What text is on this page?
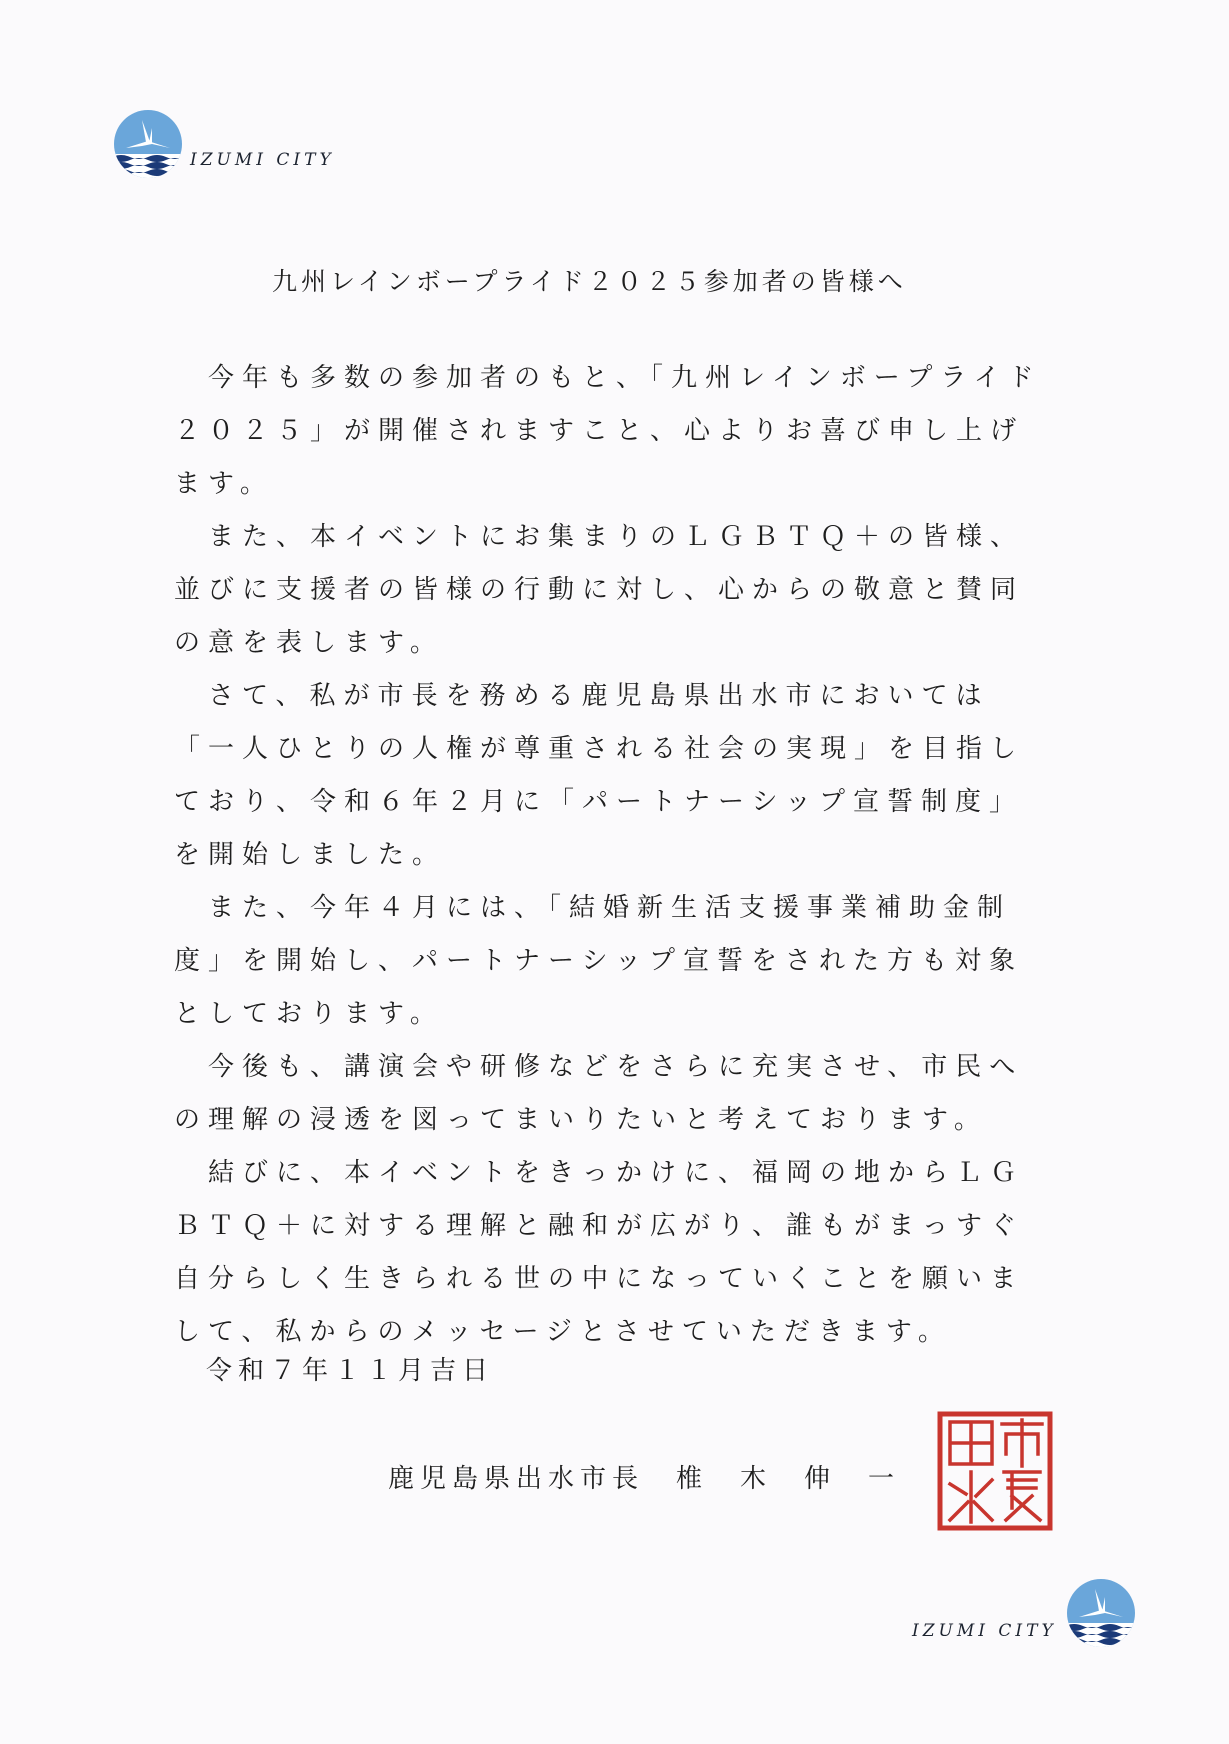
IZUMI CITY
九州レインボープライド２０２５参加者の皆様へ

今年も多数の参加者のもと、「九州レインボープライド２０２５」が開催されますこと、心よりお喜び申し上げます。

また、本イベントにお集まりのＬＧＢＴＱ＋の皆様、並びに支援者の皆様の行動に対し、心からの敬意と賛同の意を表します。

さて、私が市長を務める鹿児島県出水市においては「一人ひとりの人権が尊重される社会の実現」を目指しており、令和６年２月に「パートナーシップ宣誓制度」を開始しました。

また、今年４月には、「結婚新生活支援事業補助金制度」を開始し、パートナーシップ宣誓をされた方も対象としております。

今後も、講演会や研修などをさらに充実させ、市民への理解の浸透を図ってまいりたいと考えております。

結びに、本イベントをきっかけに、福岡の地からＬＧＢＴＱ＋に対する理解と融和が広がり、誰もがまっすぐ自分らしく生きられる世の中になっていくことを願いまして、私からのメッセージとさせていただきます。

令和７年１１月吉日
鹿児島県出水市長　椎　木　伸　一
IZUMI CITY
